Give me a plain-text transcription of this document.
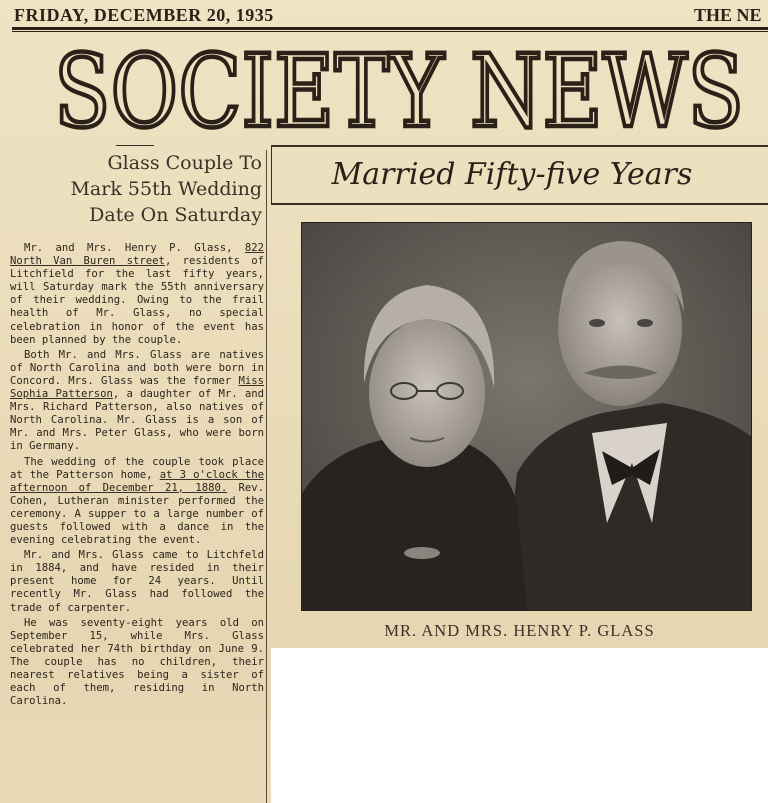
FRIDAY, DECEMBER 20, 1935	THE NE
SOCIETY NEWS
Glass Couple To
Mark 55th Wedding
Date On Saturday

Mr. and Mrs. Henry P. Glass, 822 North Van Buren street, residents of Litchfield for the last fifty years, will Saturday mark the 55th anniversary of their wedding. Owing to the frail health of Mr. Glass, no special celebration in honor of the event has been planned by the couple.

Both Mr. and Mrs. Glass are natives of North Carolina and both were born in Concord. Mrs. Glass was the former Miss Sophia Patterson, a daughter of Mr. and Mrs. Richard Patterson, also natives of North Carolina. Mr. Glass is a son of Mr. and Mrs. Peter Glass, who were born in Germany.

The wedding of the couple took place at the Patterson home, at 3 o'clock the afternoon of December 21, 1880. Rev. Cohen, Lutheran minister performed the ceremony. A supper to a large number of guests followed with a dance in the evening celebrating the event.

Mr. and Mrs. Glass came to Litchfeld in 1884, and have resided in their present home for 24 years. Until recently Mr. Glass had followed the trade of carpenter.

He was seventy-eight years old on September 15, while Mrs. Glass celebrated her 74th birthday on June 9. The couple has no children, their nearest relatives being a sister of each of them, residing in North Carolina.

Married Fifty-five Years
MR. AND MRS. HENRY P. GLASS
